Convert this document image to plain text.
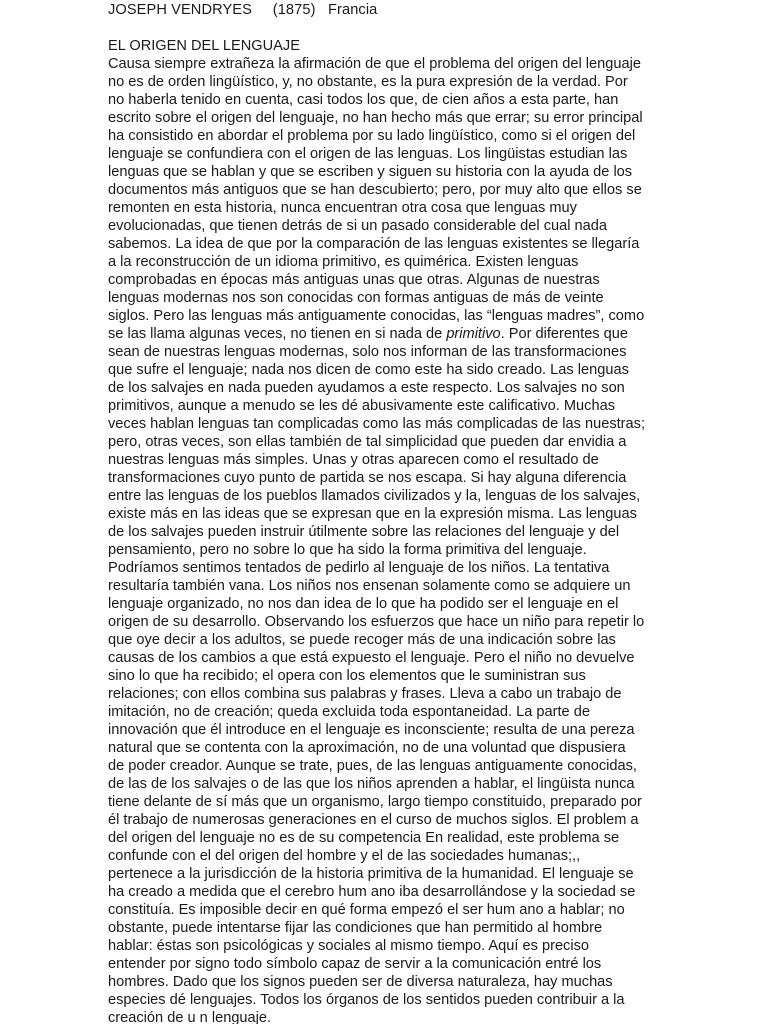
JOSEPH VENDRYES (1875) Francia
EL ORIGEN DEL LENGUAJE
Causa siempre extrañeza la afirmación de que el problema del origen del lenguaje
no es de orden lingüístico, y, no obstante, es la pura expresión de la verdad. Por
no haberla tenido en cuenta, casi todos los que, de cien años a esta parte, han
escrito sobre el origen del lenguaje, no han hecho más que errar; su error principal
ha consistido en abordar el problema por su lado lingüístico, como si el origen del
lenguaje se confundiera con el origen de las lenguas. Los lingüistas estudian las
lenguas que se hablan y que se escriben y siguen su historia con la ayuda de los
documentos más antiguos que se han descubierto; pero, por muy alto que ellos se
remonten en esta historia, nunca encuentran otra cosa que lenguas muy
evolucionadas, que tienen detrás de si un pasado considerable del cual nada
sabemos. La idea de que por la comparación de las lenguas existentes se llegaría
a la reconstrucción de un idioma primitivo, es quimérica. Existen lenguas
comprobadas en épocas más antiguas unas que otras. Algunas de nuestras
lenguas modernas nos son conocidas con formas antiguas de más de veinte
siglos. Pero las lenguas más antiguamente conocidas, las “lenguas madres”, como
se las llama algunas veces, no tienen en si nada de primitivo. Por diferentes que
sean de nuestras lenguas modernas, solo nos informan de las transformaciones
que sufre el lenguaje; nada nos dicen de como este ha sido creado. Las lenguas
de los salvajes en nada pueden ayudamos a este respecto. Los salvajes no son
primitivos, aunque a menudo se les dé abusivamente este calificativo. Muchas
veces hablan lenguas tan complicadas como las más complicadas de las nuestras;
pero, otras veces, son ellas también de tal simplicidad que pueden dar envidia a
nuestras lenguas más simples. Unas y otras aparecen como el resultado de
transformaciones cuyo punto de partida se nos escapa. Si hay alguna diferencia
entre las lenguas de los pueblos llamados civilizados y la, lenguas de los salvajes,
existe más en las ideas que se expresan que en la expresión misma. Las lenguas
de los salvajes pueden instruir útilmente sobre las relaciones del lenguaje y del
pensamiento, pero no sobre lo que ha sido la forma primitiva del lenguaje.
Podríamos sentimos tentados de pedirlo al lenguaje de los niños. La tentativa
resultaría también vana. Los niños nos ensenan solamente como se adquiere un
lenguaje organizado, no nos dan idea de lo que ha podido ser el lenguaje en el
origen de su desarrollo. Observando los esfuerzos que hace un niño para repetir lo
que oye decir a los adultos, se puede recoger más de una indicación sobre las
causas de los cambios a que está expuesto el lenguaje. Pero el niño no devuelve
sino lo que ha recibido; el opera con los elementos que le suministran sus
relaciones; con ellos combina sus palabras y frases. Lleva a cabo un trabajo de
imitación, no de creación; queda excluida toda espontaneidad. La parte de
innovación que él introduce en el lenguaje es inconsciente; resulta de una pereza
natural que se contenta con la aproximación, no de una voluntad que dispusiera
de poder creador. Aunque se trate, pues, de las lenguas antiguamente conocidas,
de las de los salvajes o de las que los niños aprenden a hablar, el lingüista nunca
tiene delante de sí más que un organismo, largo tiempo constituido, preparado por
él trabajo de numerosas generaciones en el curso de muchos siglos. El problem a
del origen del lenguaje no es de su competencia En realidad, este problema se
confunde con el del origen del hombre y el de las sociedades humanas;,,
pertenece a la jurisdicción de la historia primitiva de la humanidad. El lenguaje se
ha creado a medida que el cerebro hum ano iba desarrollándose y la sociedad se
constituía. Es imposible decir en qué forma empezó el ser hum ano a hablar; no
obstante, puede intentarse fijar las condiciones que han permitido al hombre
hablar: éstas son psicológicas y sociales al mismo tiempo. Aquí es preciso
entender por signo todo símbolo capaz de servir a la comunicación entré los
hombres. Dado que los signos pueden ser de diversa naturaleza, hay muchas
especies dé lenguajes. Todos los órganos de los sentidos pueden contribuir a la
creación de u n lenguaje.
